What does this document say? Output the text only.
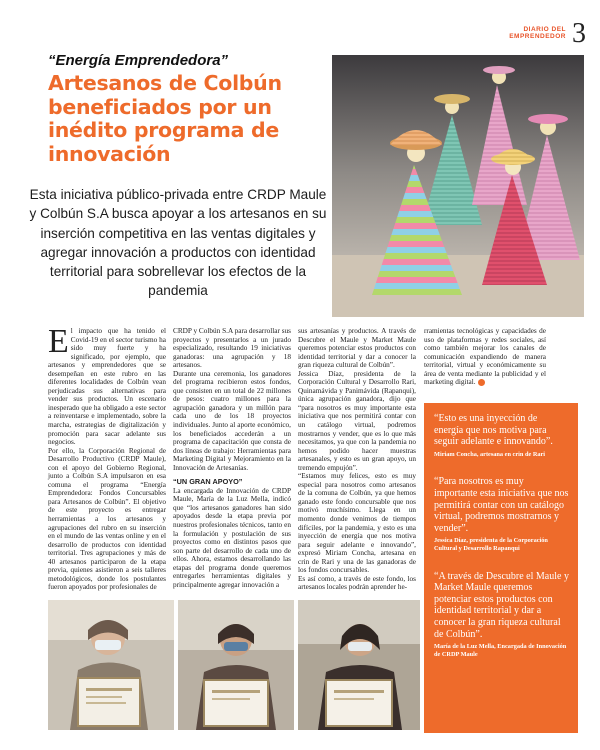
DIARIO DEL
EMPRENDEDOR 3
“Energía Emprendedora”
Artesanos de Colbún beneficiados por un inédito programa de innovación
Esta iniciativa público-privada entre CRDP Maule y Colbún S.A busca apoyar a los artesanos en su inserción competitiva en las ventas digitales y agregar innovación a productos con identidad territorial para sobrellevar los efectos de la pandemia
E l impacto que ha tenido el Covid-19 en el sector turismo ha sido muy fuerte y ha significado, por ejemplo, que artesanos y emprendedores que se desempeñan en este rubro en las diferentes localidades de Colbún vean perjudicadas sus alternativas para vender sus productos. Un escenario inesperado que ha obligado a este sector a reinventarse e implementado, sobre la marcha, estrategias de digitalización y promoción para sacar adelante sus negocios.

Por ello, la Corporación Regional de Desarrollo Productivo (CRDP Maule), con el apoyo del Gobierno Regional, junto a Colbún S.A impulsaron en esa comuna el programa “Energía Emprendedora: Fondos Concursables para Artesanos de Colbún”. El objetivo de este proyecto es entregar herramientas a los artesanos y agrupaciones del rubro en su inserción en el mundo de las ventas online y en el desarrollo de productos con identidad territorial. Tres agrupaciones y más de 40 artesanos participaron de la etapa previa, quienes asistieron a seis talleres metodológicos, donde los postulantes fueron apoyados por profesionales de

CRDP y Colbún S.A para desarrollar sus proyectos y presentarlos a un jurado especializado, resultando 19 iniciativas ganadoras: una agrupación y 18 artesanos.

Durante una ceremonia, los ganadores del programa recibieron estos fondos, que consisten en un total de 22 millones de pesos: cuatro millones para la agrupación ganadora y un millón para cada uno de los 18 proyectos individuales. Junto al aporte económico, los beneficiados accederán a un programa de capacitación que consta de dos líneas de trabajo: Herramientas para Marketing Digital y Mejoramiento en la Innovación de Artesanías.

“UN GRAN APOYO”

La encargada de Innovación de CRDP Maule, María de la Luz Mella, indicó que “los artesanos ganadores han sido apoyados desde la etapa previa por nuestros profesionales técnicos, tanto en la formulación y postulación de sus proyectos como en distintos pasos que son parte del desarrollo de cada uno de ellos. Ahora, estamos desarrollando las etapas del programa donde queremos entregarles herramientas digitales y principalmente agregar innovación a

sus artesanías y productos. A través de Descubre el Maule y Market Maule queremos potenciar estos productos con identidad territorial y dar a conocer la gran riqueza cultural de Colbún”.

Jessica Díaz, presidenta de la Corporación Cultural y Desarrollo Rari, Quinamávida y Panimávida (Rapanqui), única agrupación ganadora, dijo que “para nosotros es muy importante esta iniciativa que nos permitirá contar con un catálogo virtual, podremos mostrarnos y vender, que es lo que más necesitamos, ya que con la pandemia no hemos podido hacer muestras artesanales, y esto es un gran apoyo, un tremendo empujón”.

“Estamos muy felices, esto es muy especial para nosotros como artesanos de la comuna de Colbún, ya que hemos ganado este fondo concursable que nos motivó muchísimo. Llega en un momento donde venimos de tiempos difíciles, por la pandemia, y esto es una inyección de energía que nos motiva para seguir adelante e innovando”, expresó Miriam Concha, artesana en crin de Rari y una de las ganadoras de los fondos concursables.

Es así como, a través de este fondo, los artesanos locales podrán aprender he-

rramientas tecnológicas y capacidades de uso de plataformas y redes sociales, así como también mejorar los canales de comunicación expandiendo de manera territorial, virtual y económicamente su área de venta mediante la publicidad y el marketing digital.

“Esto es una inyección de energía que nos motiva para seguir adelante e innovando”.
Miriam Concha, artesana en crin de Rari
“Para nosotros es muy importante esta iniciativa que nos permitirá contar con un catálogo virtual, podremos mostrarnos y vender”.
Jessica Díaz, presidenta de la Corporación Cultural y Desarrollo Rapanqui
“A través de Descubre el Maule y Market Maule queremos potenciar estos productos con identidad territorial y dar a conocer la gran riqueza cultural de Colbún”.
María de la Luz Mella, Encargada de Innovación de CRDP Maule
